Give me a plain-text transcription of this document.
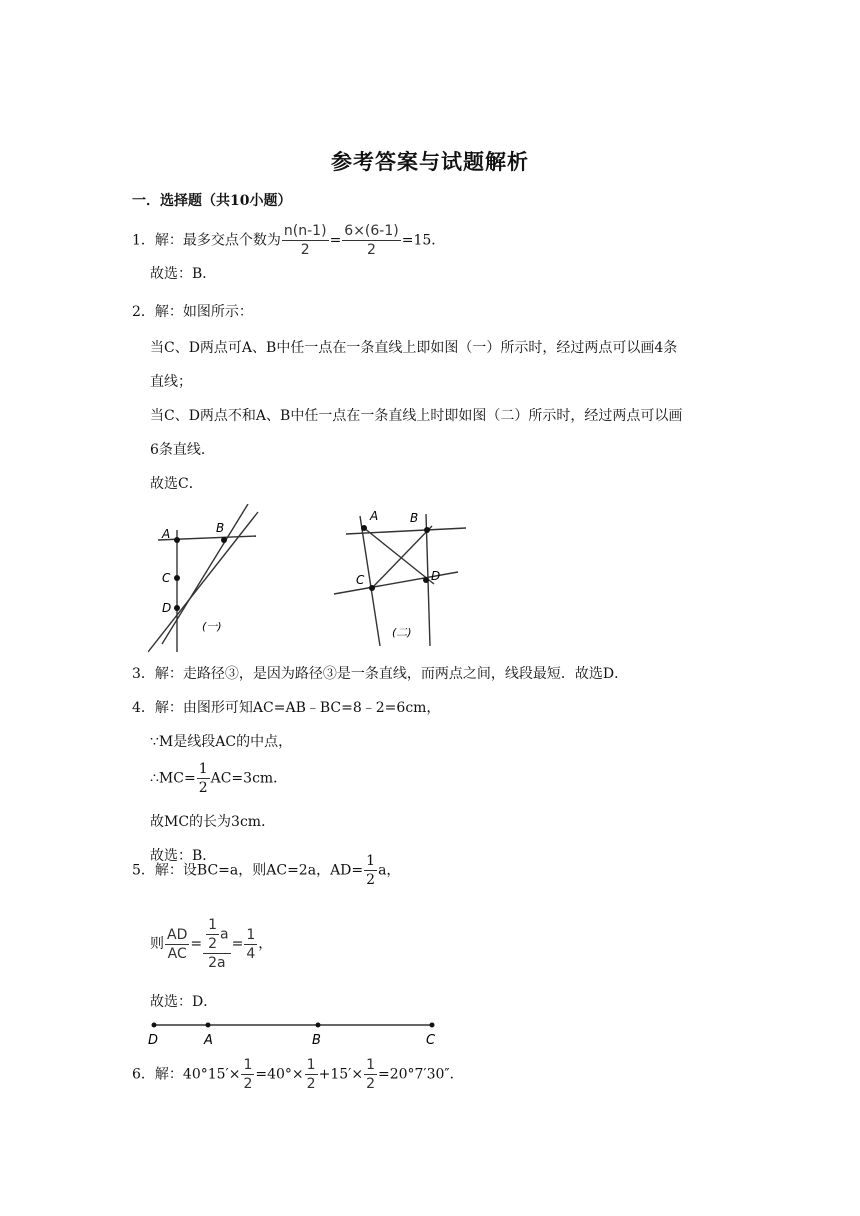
参考答案与试题解析
一．选择题（共10小题）
1．解：最多交点个数为 $\frac{n(n-1)}{2} = \frac{6\times(6-1)}{2} =15$．
故选：B．
2．解：如图所示：
当C、D两点可A、B中任一点在一条直线上即如图（一）所示时，经过两点可以画4条
直线；
当C、D两点不和A、B中任一点在一条直线上时即如图（二）所示时，经过两点可以画
6条直线．
故选C．
A	B
C
D
(一)
A	B
C	D
(二)
3．解：走路径③，是因为路径③是一条直线，而两点之间，线段最短．故选D．
4．解：由图形可知AC=AB﹣BC=8﹣2=6cm，
∵M是线段AC的中点，
∴MC= $\frac{1}{2} AC=3cm$．
故MC的长为3cm．
故选：B．
5．解：设BC=a，则AC=2a，$AD= \frac{1}{2}$ a，
则 $\frac{AD}{AC} = \frac{\frac{1}{2} a}{2a} = \frac{1}{4}$ ，
故选：D．
D	A	B	C
6．解：$40^\circ 15'\times \frac{1}{2} =40^\circ\times \frac{1}{2} +15'\times \frac{1}{2} =20^\circ 7'30''$．
